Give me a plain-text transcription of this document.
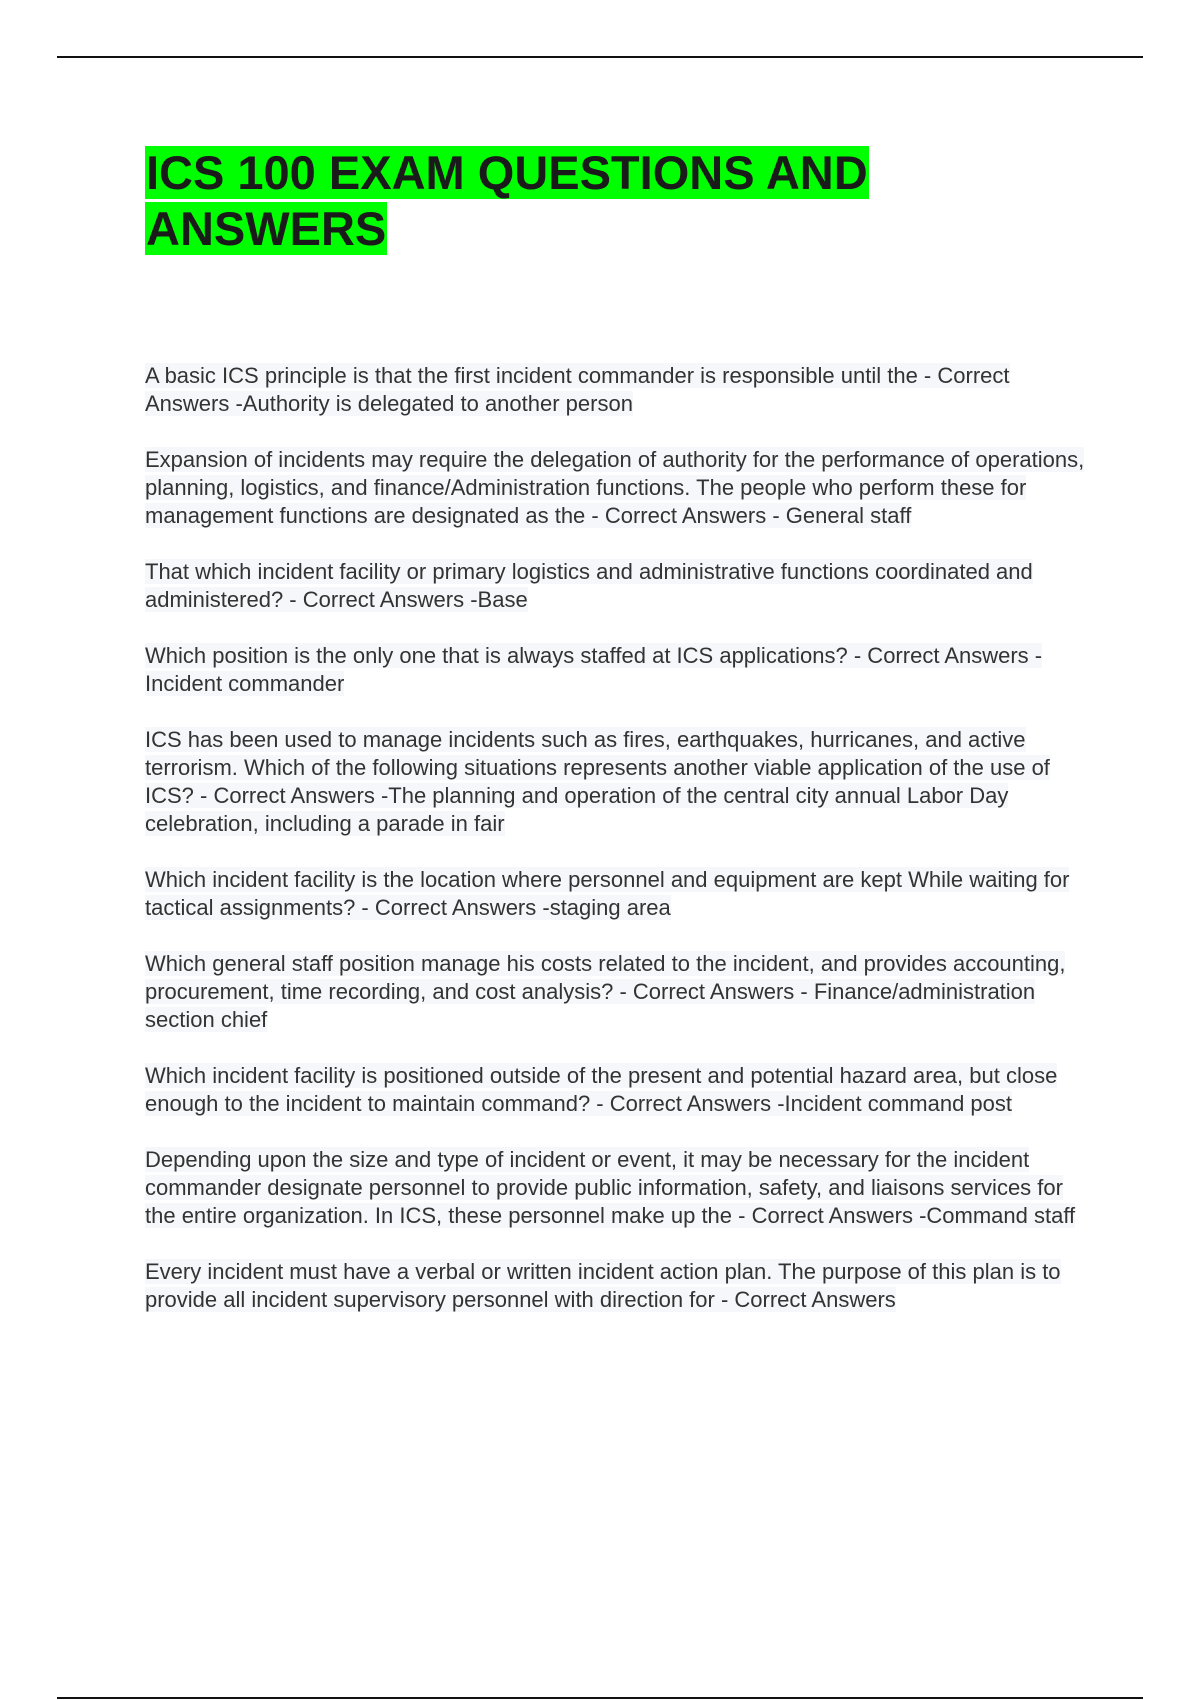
ICS 100 EXAM QUESTIONS AND ANSWERS

A basic ICS principle is that the first incident commander is responsible until the - Correct Answers -Authority is delegated to another person

Expansion of incidents may require the delegation of authority for the performance of operations, planning, logistics, and finance/Administration functions. The people who perform these for management functions are designated as the - Correct Answers - General staff

That which incident facility or primary logistics and administrative functions coordinated and administered? - Correct Answers -Base

Which position is the only one that is always staffed at ICS applications? - Correct Answers -Incident commander

ICS has been used to manage incidents such as fires, earthquakes, hurricanes, and active terrorism. Which of the following situations represents another viable application of the use of ICS? - Correct Answers -The planning and operation of the central city annual Labor Day celebration, including a parade in fair

Which incident facility is the location where personnel and equipment are kept While waiting for tactical assignments? - Correct Answers -staging area

Which general staff position manage his costs related to the incident, and provides accounting, procurement, time recording, and cost analysis? - Correct Answers - Finance/administration section chief

Which incident facility is positioned outside of the present and potential hazard area, but close enough to the incident to maintain command? - Correct Answers -Incident command post

Depending upon the size and type of incident or event, it may be necessary for the incident commander designate personnel to provide public information, safety, and liaisons services for the entire organization. In ICS, these personnel make up the - Correct Answers -Command staff

Every incident must have a verbal or written incident action plan. The purpose of this plan is to provide all incident supervisory personnel with direction for - Correct Answers
